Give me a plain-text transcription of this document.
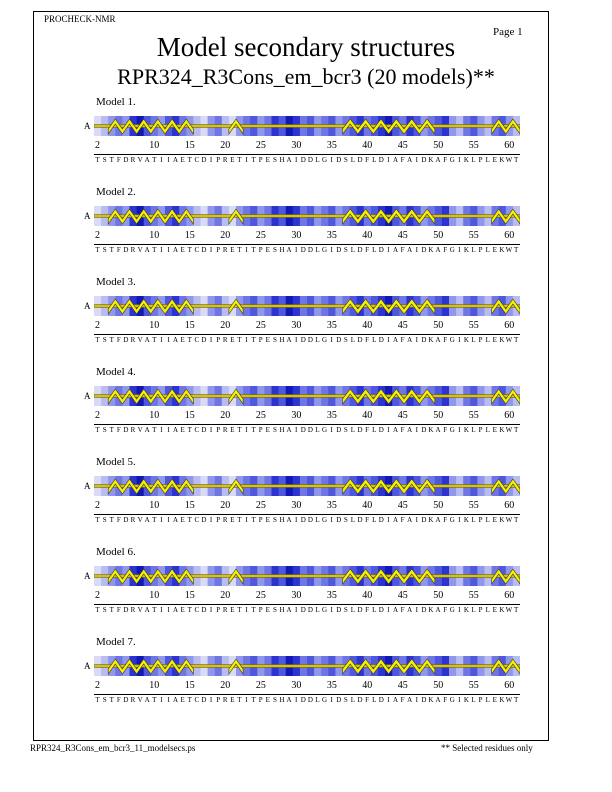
PROCHECK-NMR
Page 1
Model secondary structures
RPR324_R3Cons_em_bcr3 (20 models)**
Model 1.
A
2	10	15	20	25	30	35	40	45	50	55	60
T S T F D R V A T I I A E T C D I P R E T I T P E S H A I D D L G I D S L D F L D I A F A I D K A F G I K L P L E KW T
Model 2.
A
2	10	15	20	25	30	35	40	45	50	55	60
T S T F D R V A T I I A E T C D I P R E T I T P E S H A I D D L G I D S L D F L D I A F A I D K A F G I K L P L E KW T
Model 3.
A
2	10	15	20	25	30	35	40	45	50	55	60
T S T F D R V A T I I A E T C D I P R E T I T P E S H A I D D L G I D S L D F L D I A F A I D K A F G I K L P L E KW T
Model 4.
A
2	10	15	20	25	30	35	40	45	50	55	60
T S T F D R V A T I I A E T C D I P R E T I T P E S H A I D D L G I D S L D F L D I A F A I D K A F G I K L P L E KW T
Model 5.
A
2	10	15	20	25	30	35	40	45	50	55	60
T S T F D R V A T I I A E T C D I P R E T I T P E S H A I D D L G I D S L D F L D I A F A I D K A F G I K L P L E KW T
Model 6.
A
2	10	15	20	25	30	35	40	45	50	55	60
T S T F D R V A T I I A E T C D I P R E T I T P E S H A I D D L G I D S L D F L D I A F A I D K A F G I K L P L E KW T
Model 7.
A
2	10	15	20	25	30	35	40	45	50	55	60
T S T F D R V A T I I A E T C D I P R E T I T P E S H A I D D L G I D S L D F L D I A F A I D K A F G I K L P L E KW T
RPR324_R3Cons_em_bcr3_11_modelsecs.ps	** Selected residues only
